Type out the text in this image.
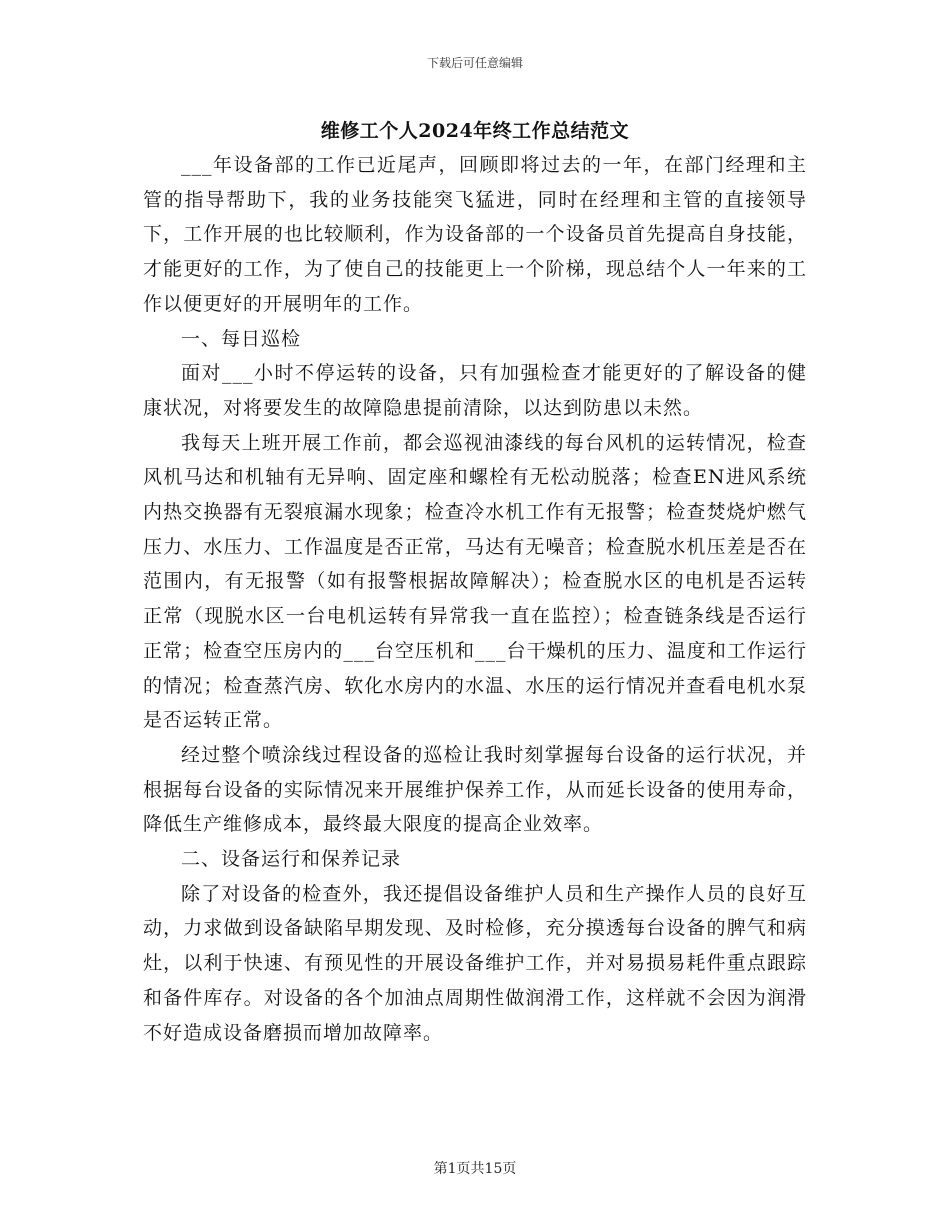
下载后可任意编辑
维修工个人2024年终工作总结范文

___年设备部的工作已近尾声，回顾即将过去的一年，在部门经理和主管的指导帮助下，我的业务技能突飞猛进，同时在经理和主管的直接领导下，工作开展的也比较顺利，作为设备部的一个设备员首先提高自身技能，才能更好的工作，为了使自己的技能更上一个阶梯，现总结个人一年来的工作以便更好的开展明年的工作。

一、每日巡检

面对___小时不停运转的设备，只有加强检查才能更好的了解设备的健康状况，对将要发生的故障隐患提前清除，以达到防患以未然。

我每天上班开展工作前，都会巡视油漆线的每台风机的运转情况，检查风机马达和机轴有无异响、固定座和螺栓有无松动脱落；检查EN进风系统内热交换器有无裂痕漏水现象；检查冷水机工作有无报警；检查焚烧炉燃气压力、水压力、工作温度是否正常，马达有无噪音；检查脱水机压差是否在范围内，有无报警（如有报警根据故障解决）；检查脱水区的电机是否运转正常（现脱水区一台电机运转有异常我一直在监控）；检查链条线是否运行正常；检查空压房内的___台空压机和___台干燥机的压力、温度和工作运行的情况；检查蒸汽房、软化水房内的水温、水压的运行情况并查看电机水泵是否运转正常。

经过整个喷涂线过程设备的巡检让我时刻掌握每台设备的运行状况，并根据每台设备的实际情况来开展维护保养工作，从而延长设备的使用寿命，降低生产维修成本，最终最大限度的提高企业效率。

二、设备运行和保养记录

除了对设备的检查外，我还提倡设备维护人员和生产操作人员的良好互动，力求做到设备缺陷早期发现、及时检修，充分摸透每台设备的脾气和病灶，以利于快速、有预见性的开展设备维护工作，并对易损易耗件重点跟踪和备件库存。对设备的各个加油点周期性做润滑工作，这样就不会因为润滑不好造成设备磨损而增加故障率。

第1页共15页
